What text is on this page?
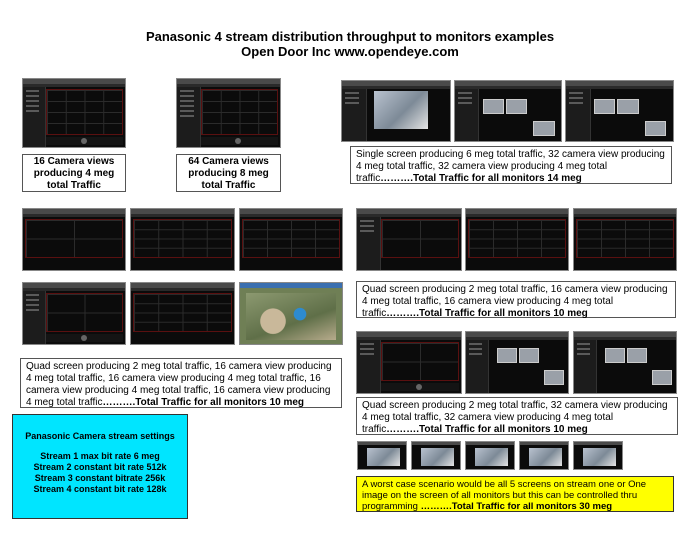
Panasonic 4 stream distribution throughput to monitors examples
Open Door Inc www.opendeye.com
16 Camera views producing 4 meg total Traffic
64 Camera views producing 8 meg total Traffic
Single screen producing 6 meg total traffic, 32 camera view producing 4 meg total traffic, 32 camera view producing 4 meg total traffic……….Total Traffic for all monitors 14 meg
Quad screen producing 2 meg total traffic, 16 camera view producing 4 meg total traffic, 16 camera view producing 4 meg total traffic……….Total Traffic for all monitors 10 meg
Quad screen producing 2 meg total traffic, 16 camera view producing 4 meg total traffic, 16 camera view producing 4 meg total traffic, 16 camera view producing 4 meg total traffic, 16 camera view producing 4 meg total traffic……….Total Traffic for all monitors 10 meg	Quad screen producing 2 meg total traffic, 32 camera view producing 4 meg total traffic, 32 camera view producing 4 meg total traffic……….Total Traffic for all monitors 10 meg
Panasonic Camera stream settings
Stream 1 max bit rate 6 meg
Stream 2 constant bit rate 512k
Stream 3 constant bitrate 256k
Stream 4 constant bit rate 128k	A worst case scenario would be all 5 screens on stream one or One image on the screen of all monitors but this can be controlled thru programming ……….Total Traffic for all monitors 30 meg
